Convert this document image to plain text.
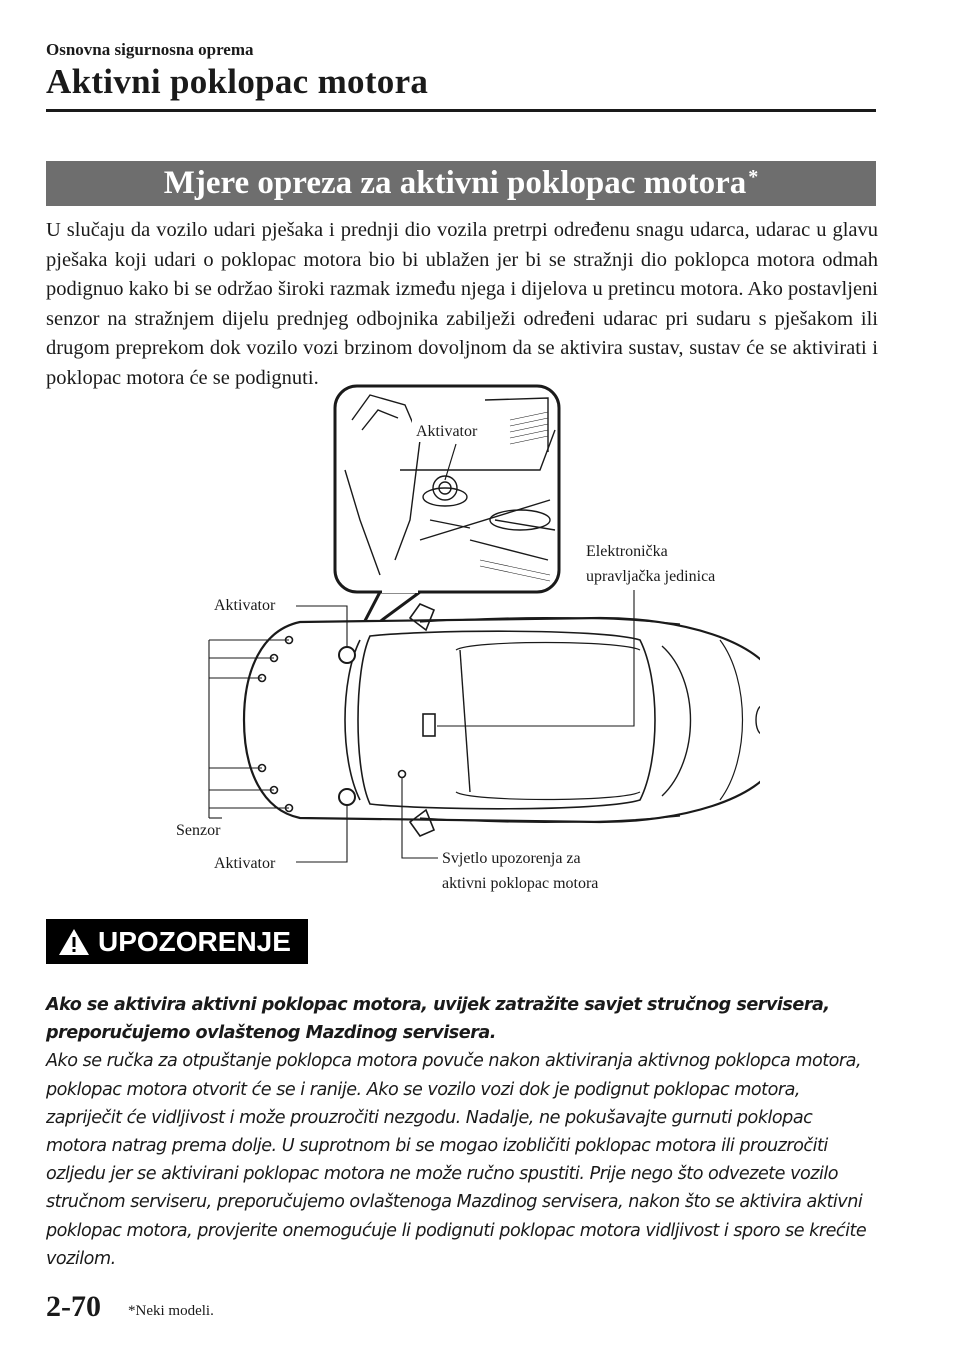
Osnovna sigurnosna oprema
Aktivni poklopac motora
Mjere opreza za aktivni poklopac motora*
U slučaju da vozilo udari pješaka i prednji dio vozila pretrpi određenu snagu udarca, udarac u glavu pješaka koji udari o poklopac motora bio bi ublažen jer bi se stražnji dio poklopca motora odmah podignuo kako bi se održao široki razmak između njega i dijelova u pretincu motora. Ako postavljeni senzor na stražnjem dijelu prednjeg odbojnika zabilježi određeni udarac pri sudaru s pješakom ili drugom preprekom dok vozilo vozi brzinom dovoljnom da se aktivira sustav, sustav će se aktivirati i poklopac motora će se podignuti.
Aktivator
Aktivator
Elektronička
upravljačka jedinica
Senzor
Aktivator	Svjetlo upozorenja za
aktivni poklopac motora
UPOZORENJE
Ako se aktivira aktivni poklopac motora, uvijek zatražite savjet stručnog servisera, preporučujemo ovlaštenog Mazdinog servisera.
Ako se ručka za otpuštanje poklopca motora povuče nakon aktiviranja aktivnog poklopca motora, poklopac motora otvorit će se i ranije. Ako se vozilo vozi dok je podignut poklopac motora, zapriječit će vidljivost i može prouzročiti nezgodu. Nadalje, ne pokušavajte gurnuti poklopac motora natrag prema dolje. U suprotnom bi se mogao izobličiti poklopac motora ili prouzročiti ozljedu jer se aktivirani poklopac motora ne može ručno spustiti. Prije nego što odvezete vozilo stručnom serviseru, preporučujemo ovlaštenoga Mazdinog servisera, nakon što se aktivira aktivni poklopac motora, provjerite onemogućuje li podignuti poklopac motora vidljivost i sporo se krećite vozilom.
2-70 *Neki modeli.
